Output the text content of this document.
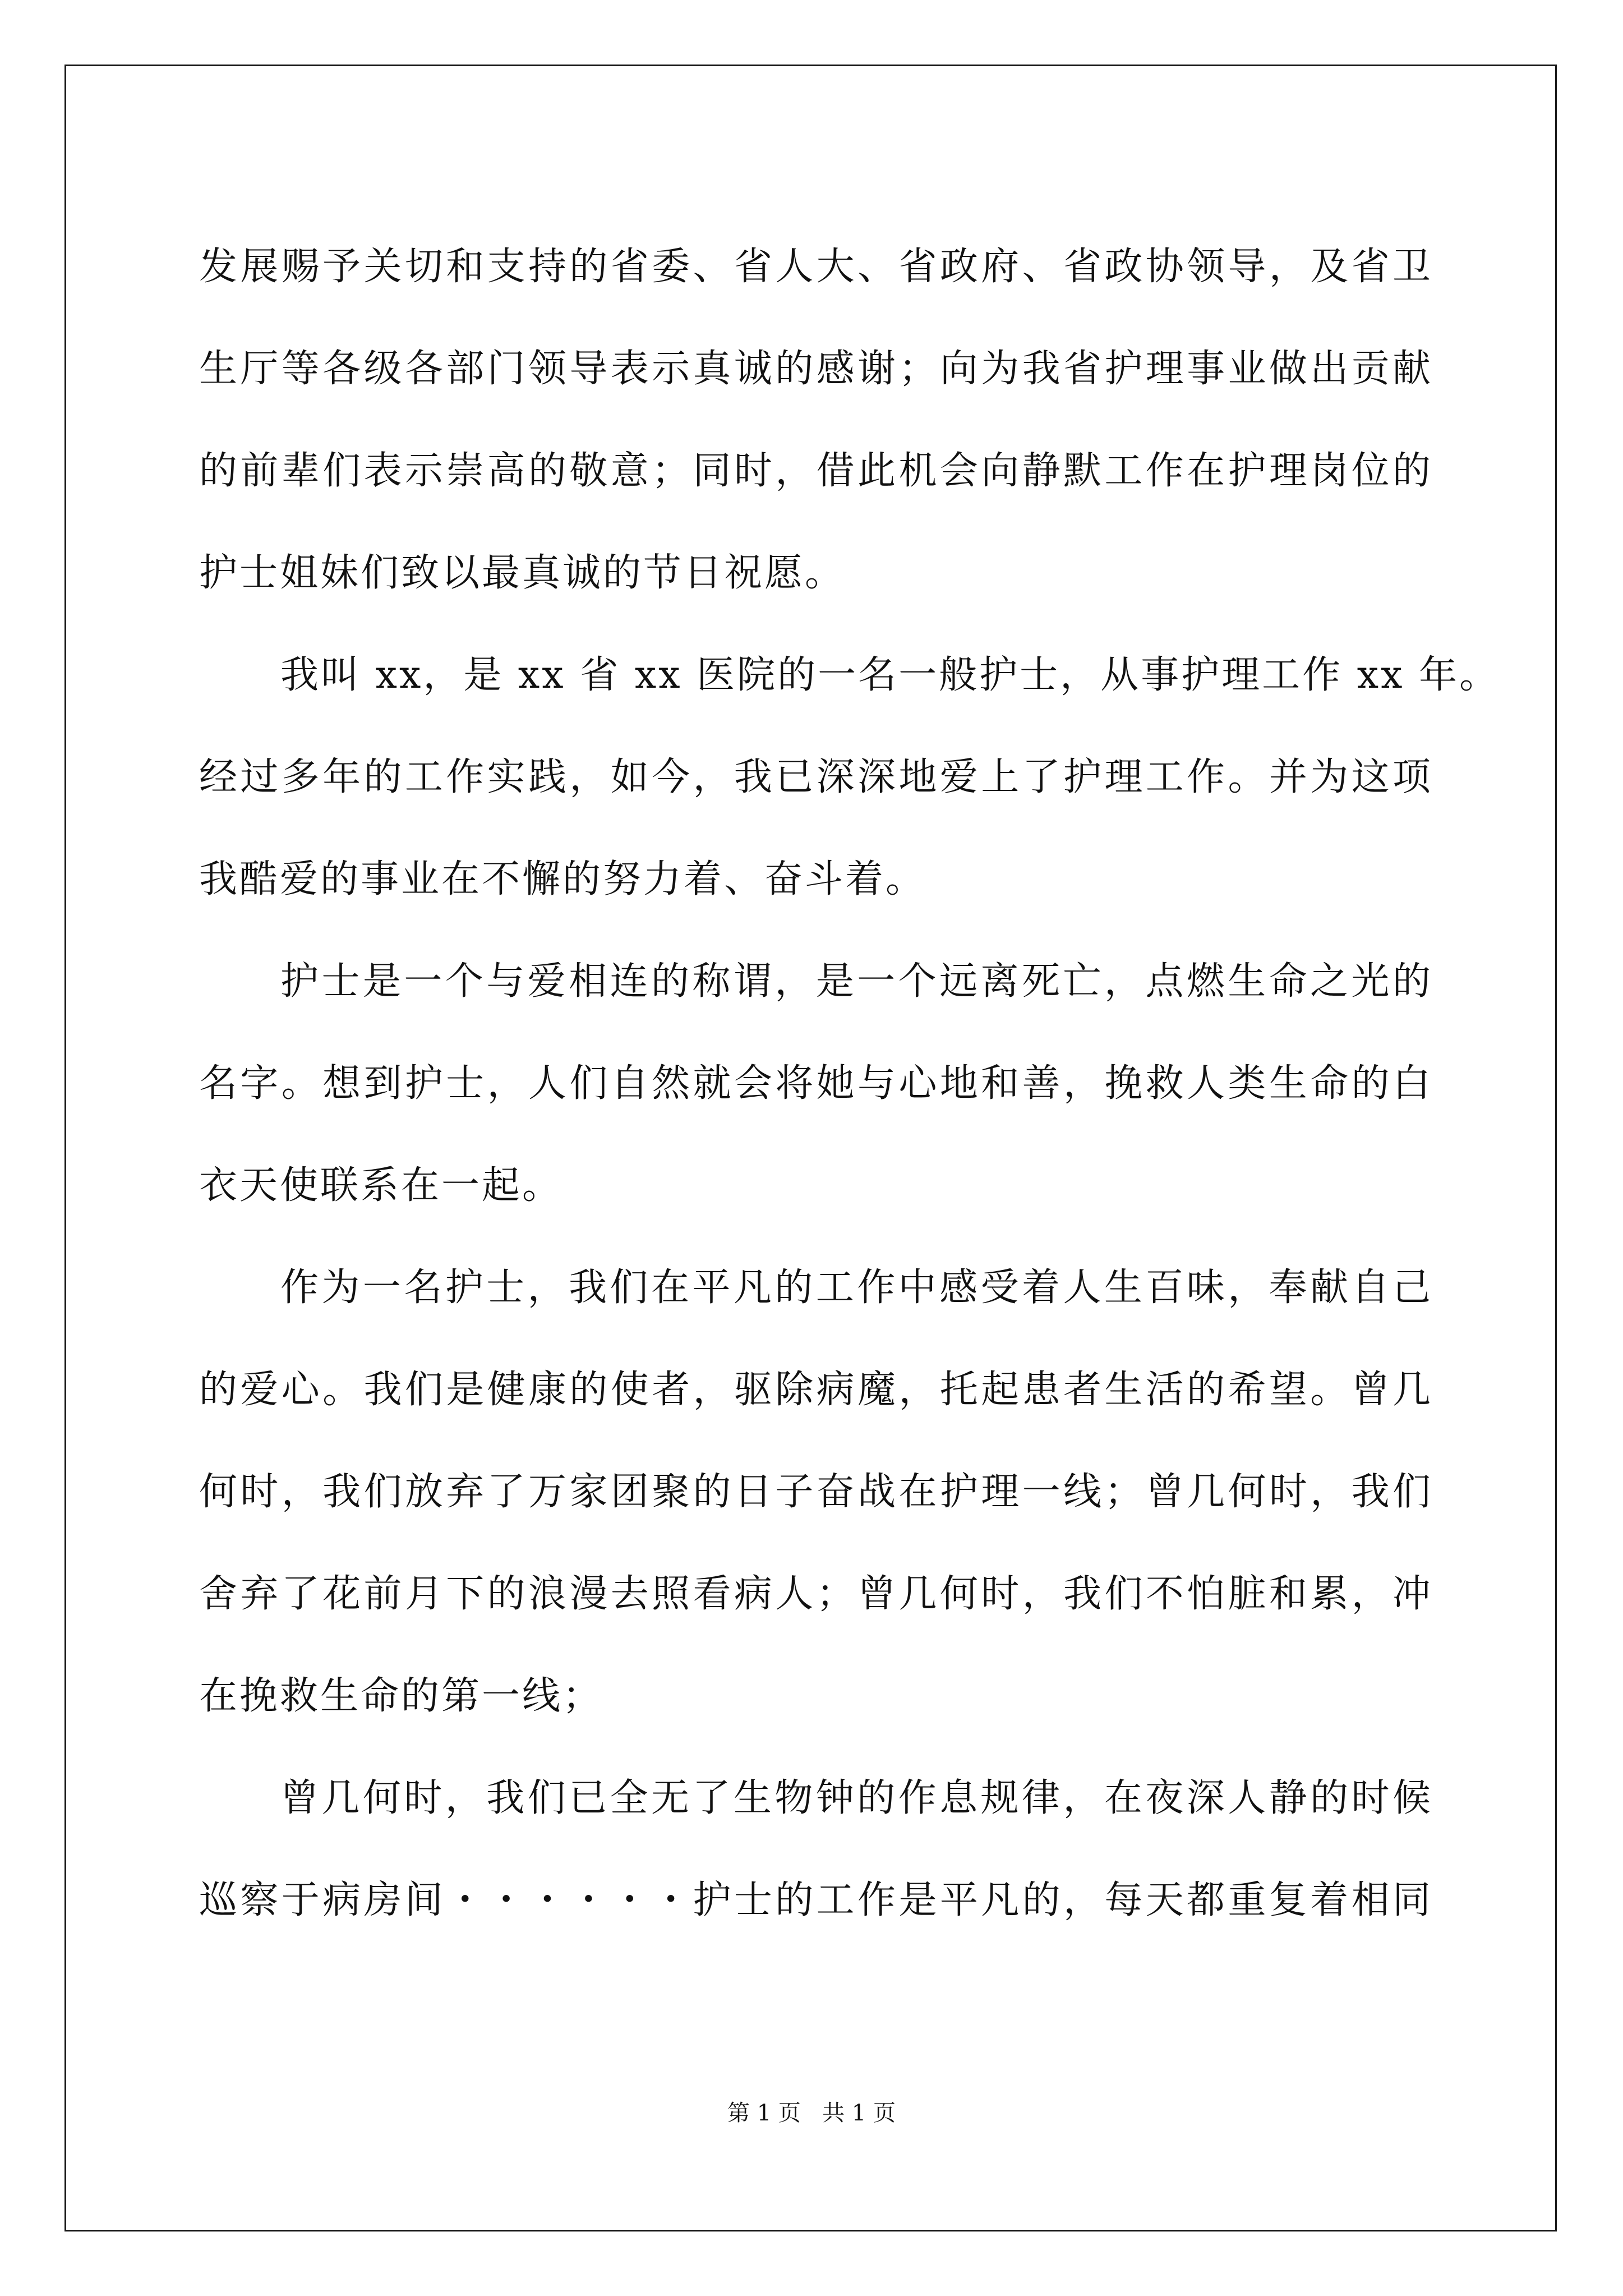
发展赐予关切和支持的省委、省人大、省政府、省政协领导，及省卫
生厅等各级各部门领导表示真诚的感谢；向为我省护理事业做出贡献
的前辈们表示崇高的敬意；同时，借此机会向静默工作在护理岗位的
护士姐妹们致以最真诚的节日祝愿。
我叫 xx，是 xx 省 xx 医院的一名一般护士，从事护理工作 xx 年。
经过多年的工作实践，如今，我已深深地爱上了护理工作。并为这项
我酷爱的事业在不懈的努力着、奋斗着。
护士是一个与爱相连的称谓，是一个远离死亡，点燃生命之光的
名字。想到护士，人们自然就会将她与心地和善，挽救人类生命的白
衣天使联系在一起。
作为一名护士，我们在平凡的工作中感受着人生百味，奉献自己
的爱心。我们是健康的使者，驱除病魔，托起患者生活的希望。曾几
何时，我们放弃了万家团聚的日子奋战在护理一线；曾几何时，我们
舍弃了花前月下的浪漫去照看病人；曾几何时，我们不怕脏和累，冲
在挽救生命的第一线；
曾几何时，我们已全无了生物钟的作息规律，在夜深人静的时候
巡察于病房间・・・・・・护士的工作是平凡的，每天都重复着相同
第 1 页   共 1 页
